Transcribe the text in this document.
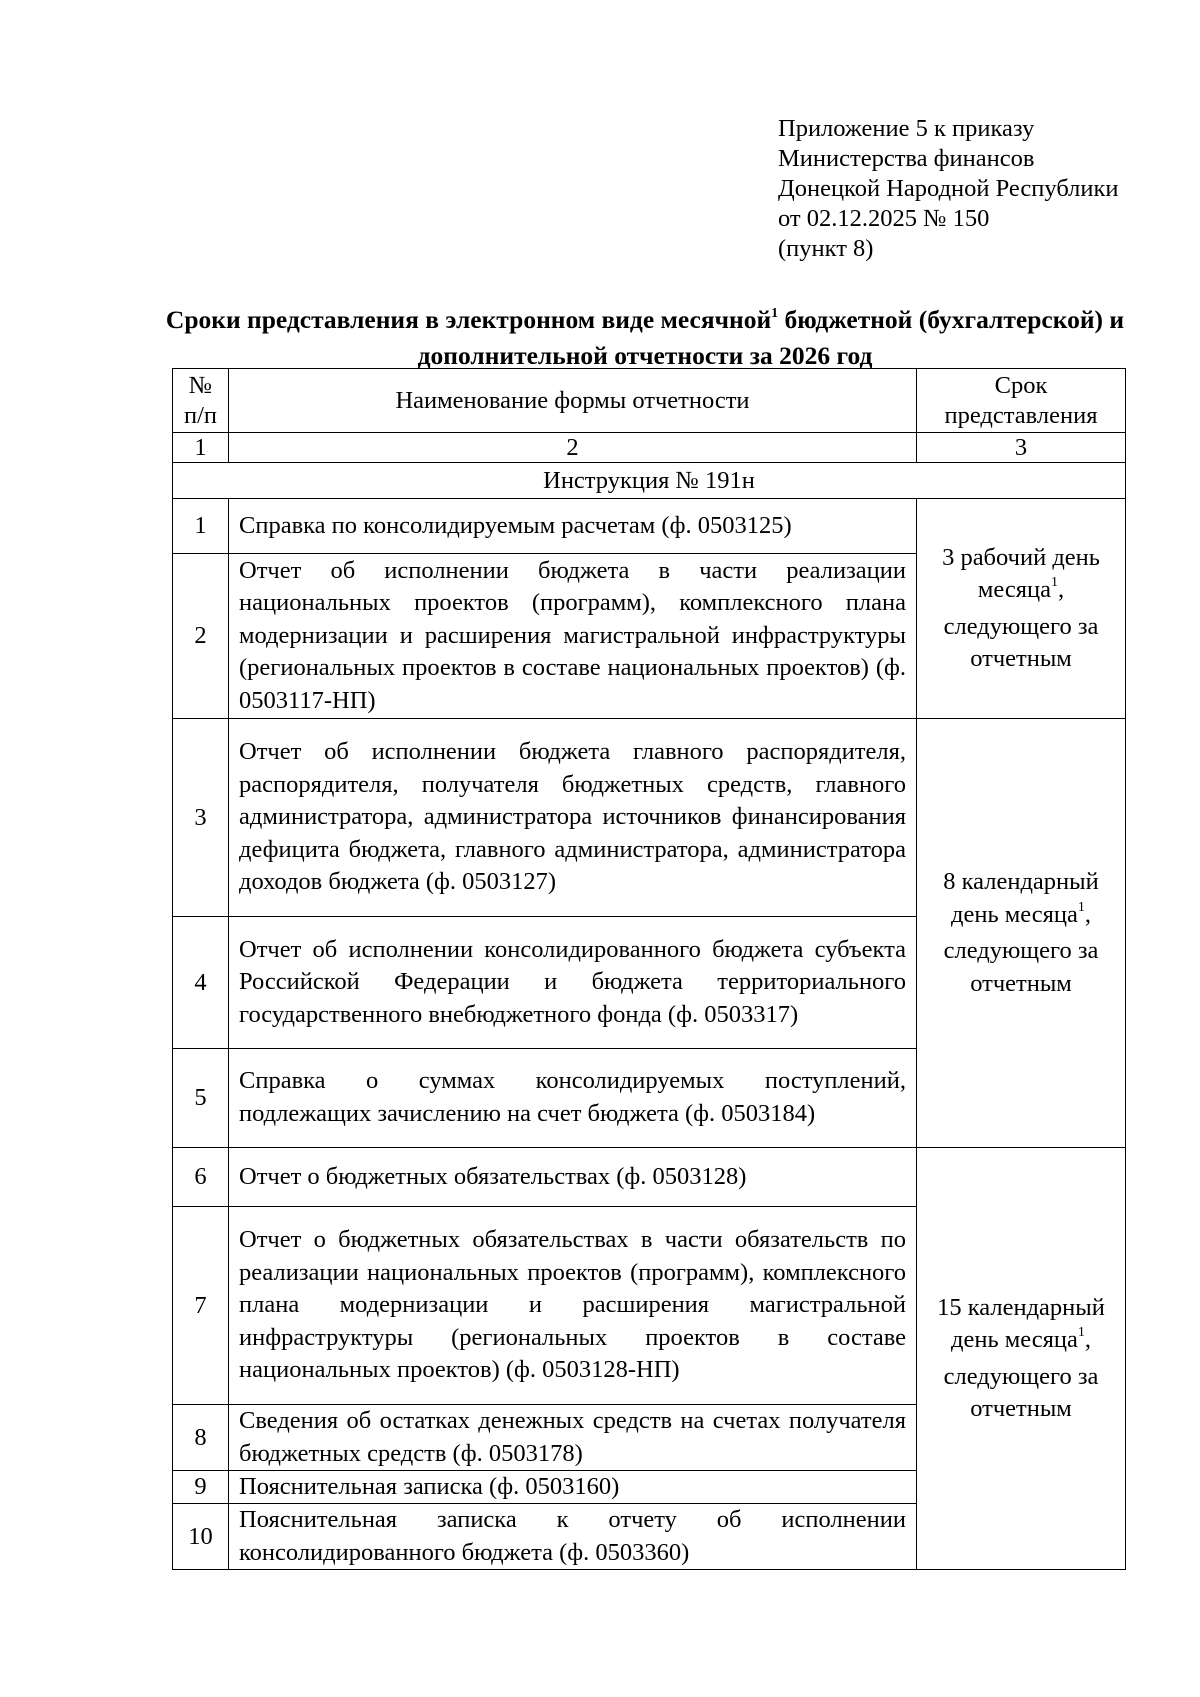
Приложение 5 к приказу
Министерства финансов
Донецкой Народной Республики
от 02.12.2025 № 150
(пункт 8)
Сроки представления в электронном виде месячной$^1$ бюджетной (бухгалтерской) и дополнительной отчетности за 2026 год
№ п/п	Наименование формы отчетности	Срок представления
1	2	3
Инструкция № 191н		
1	Справка по консолидируемым расчетам (ф. 0503125)	3 рабочий день месяца$^1$, следующего за отчетным
2	Отчет об исполнении бюджета в части реализации национальных проектов (программ), комплексного плана модернизации и расширения магистральной инфраструктуры (региональных проектов в составе национальных проектов) (ф. 0503117-НП)	
3	Отчет об исполнении бюджета главного распорядителя, распорядителя, получателя бюджетных средств, главного администратора, администратора источников финансирования дефицита бюджета, главного администратора, администратора доходов бюджета (ф. 0503127)	8 календарный день месяца$^1$, следующего за отчетным
4	Отчет об исполнении консолидированного бюджета субъекта Российской Федерации и бюджета территориального государственного внебюджетного фонда (ф. 0503317)	
5	Справка о суммах консолидируемых поступлений, подлежащих зачислению на счет бюджета (ф. 0503184)	
6	Отчет о бюджетных обязательствах (ф. 0503128)	15 календарный день месяца$^1$, следующего за отчетным
7	Отчет о бюджетных обязательствах в части обязательств по реализации национальных проектов (программ), комплексного плана модернизации и расширения магистральной инфраструктуры (региональных проектов в составе национальных проектов) (ф. 0503128-НП)	
8	Сведения об остатках денежных средств на счетах получателя бюджетных средств (ф. 0503178)	
9	Пояснительная записка (ф. 0503160)	
10	Пояснительная записка к отчету об исполнении консолидированного бюджета (ф. 0503360)	
